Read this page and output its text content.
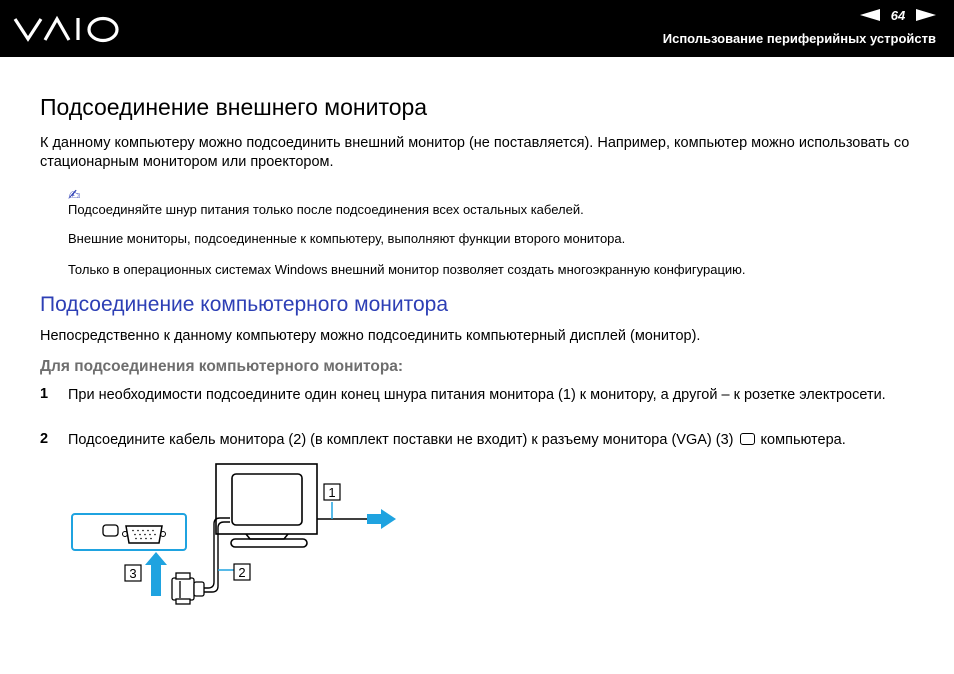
64
Использование периферийных устройств
Подсоединение внешнего монитора

К данному компьютеру можно подсоединить внешний монитор (не поставляется). Например, компьютер можно использовать со стационарным монитором или проектором.

✍

Подсоединяйте шнур питания только после подсоединения всех остальных кабелей.

Внешние мониторы, подсоединенные к компьютеру, выполняют функции второго монитора.

Только в операционных системах Windows внешний монитор позволяет создать многоэкранную конфигурацию.

Подсоединение компьютерного монитора

Непосредственно к данному компьютеру можно подсоединить компьютерный дисплей (монитор).

Для подсоединения компьютерного монитора:
1 При необходимости подсоедините один конец шнура питания монитора (1) к монитору, а другой – к розетке электросети.

2 Подсоедините кабель монитора (2) (в комплект поставки не входит) к разъему монитора (VGA) (3) компьютера.

1
2
3
